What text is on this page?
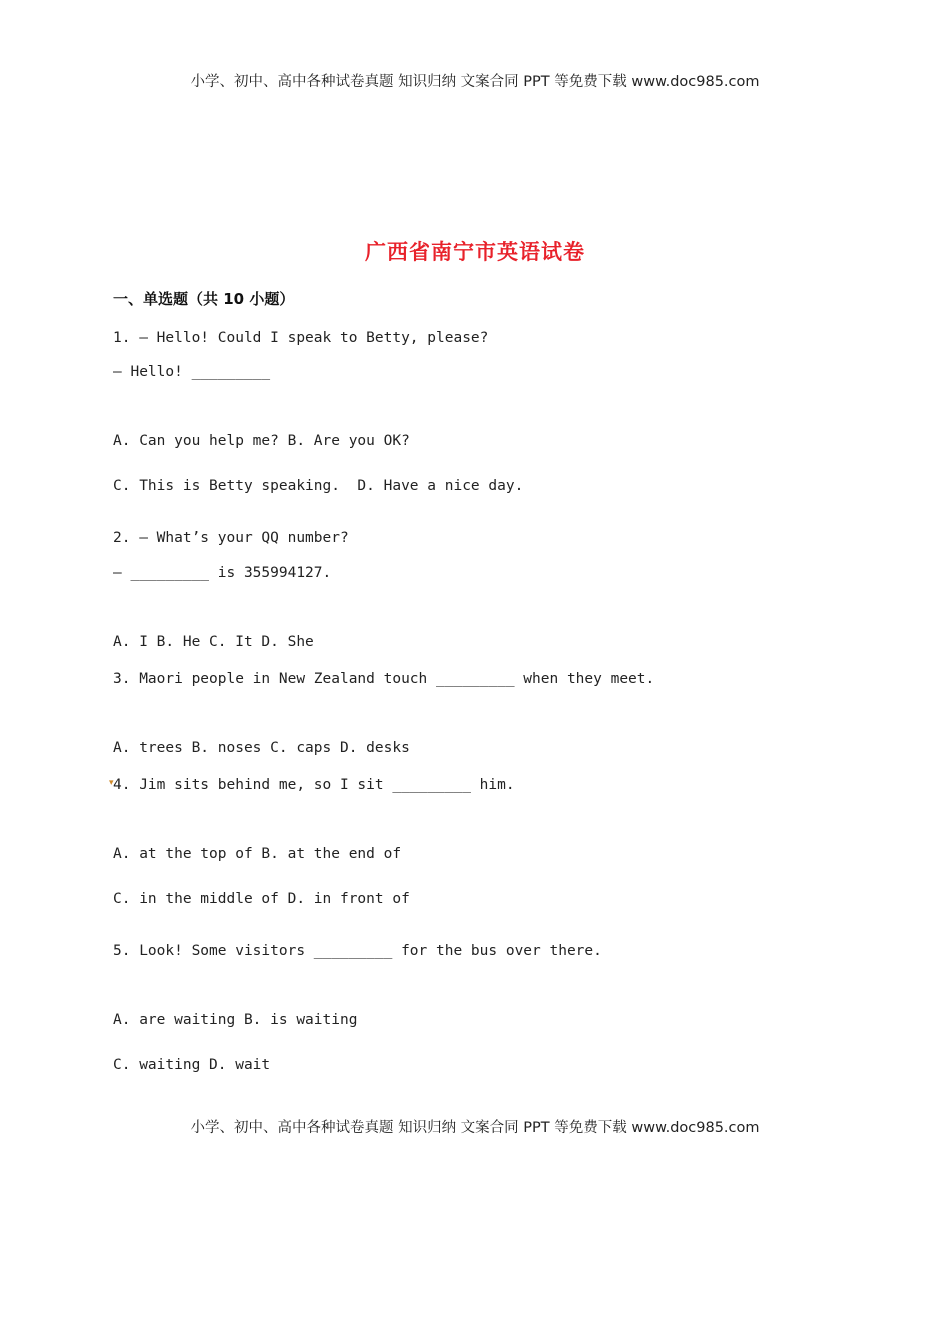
小学、初中、高中各种试卷真题 知识归纳 文案合同 PPT 等免费下载 www.doc985.com
广西省南宁市英语试卷
一、单选题（共 10 小题）
1. — Hello! Could I speak to Betty, please?
— Hello! _________
A. Can you help me? B. Are you OK?
C. This is Betty speaking.  D. Have a nice day.
2. — What’s your QQ number?
— _________ is 355994127.
A. I B. He C. It D. She
3. Maori people in New Zealand touch _________ when they meet.
A. trees B. noses C. caps D. desks
▾ 4. Jim sits behind me, so I sit _________ him.
A. at the top of B. at the end of
C. in the middle of D. in front of
5. Look! Some visitors _________ for the bus over there.
A. are waiting B. is waiting
C. waiting D. wait
小学、初中、高中各种试卷真题 知识归纳 文案合同 PPT 等免费下载 www.doc985.com
